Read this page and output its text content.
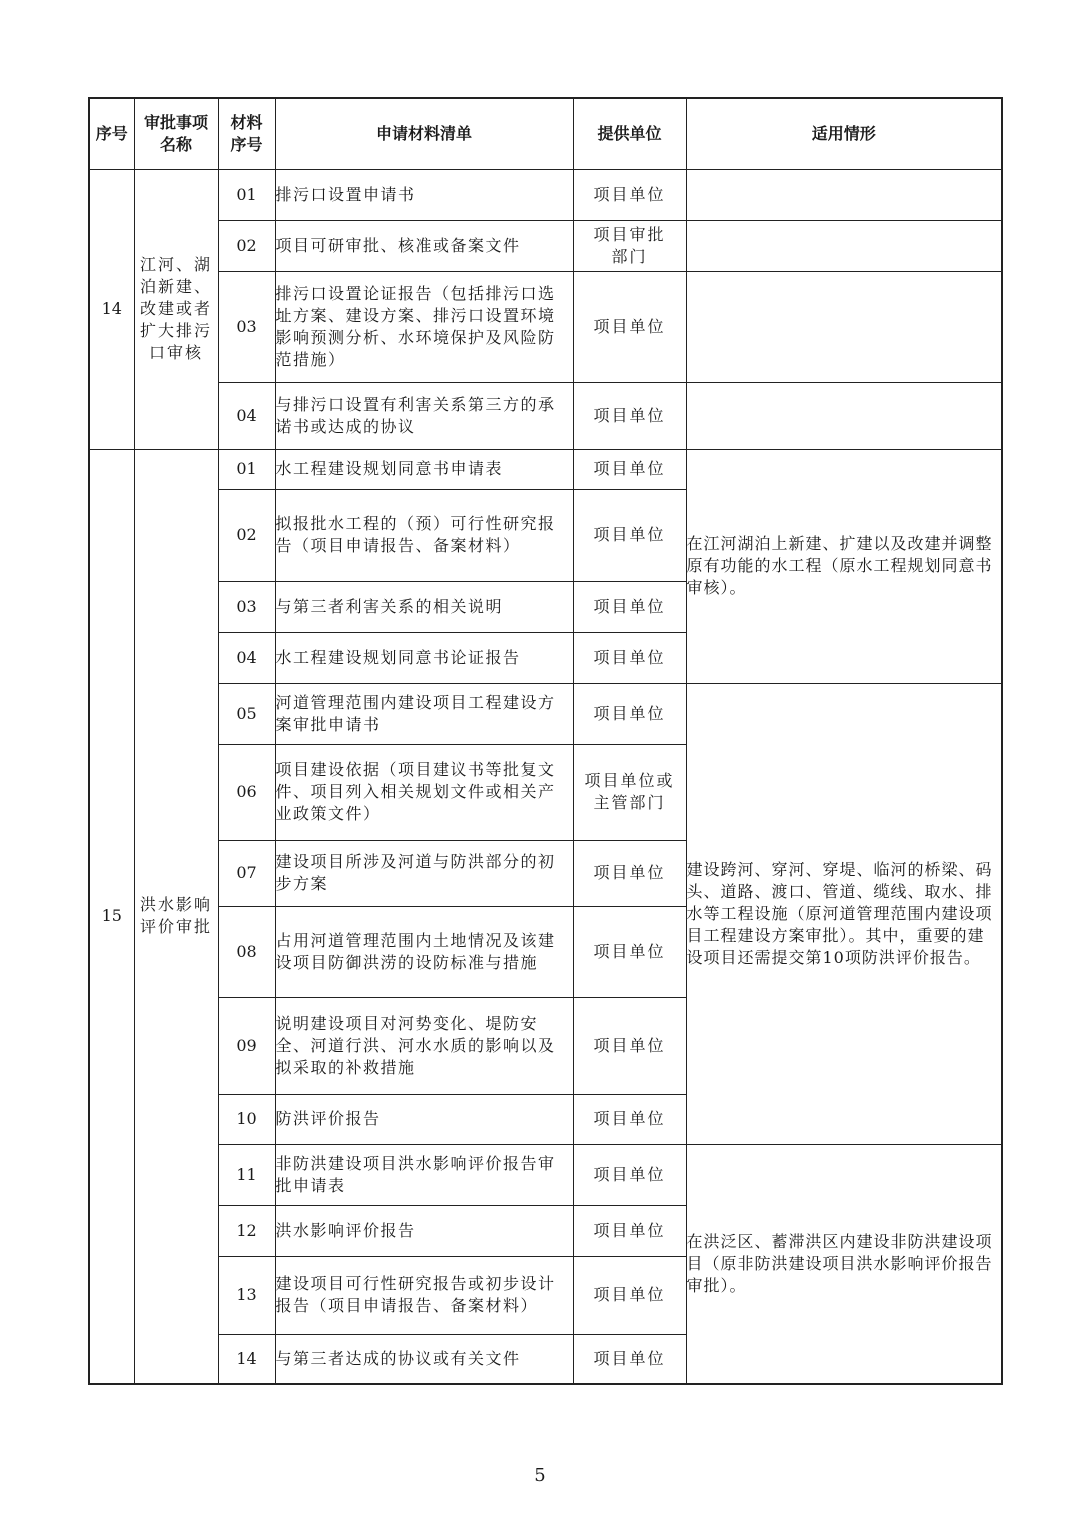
序号	审批事项名称	材料序号	申请材料清单	提供单位	适用情形
14	江河、湖泊新建、改建或者扩大排污口审核	01	排污口设置申请书	项目单位	
		02	项目可研审批、核准或备案文件	项目审批部门	
		03	排污口设置论证报告（包括排污口选址方案、建设方案、排污口设置环境影响预测分析、水环境保护及风险防范措施）	项目单位	
		04	与排污口设置有利害关系第三方的承诺书或达成的协议	项目单位	
15	洪水影响评价审批	01	水工程建设规划同意书申请表	项目单位	在江河湖泊上新建、扩建以及改建并调整原有功能的水工程（原水工程规划同意书审核）。
		02	拟报批水工程的（预）可行性研究报告（项目申请报告、备案材料）	项目单位	
		03	与第三者利害关系的相关说明	项目单位	
		04	水工程建设规划同意书论证报告	项目单位	
		05	河道管理范围内建设项目工程建设方案审批申请书	项目单位	建设跨河、穿河、穿堤、临河的桥梁、码头、道路、渡口、管道、缆线、取水、排水等工程设施（原河道管理范围内建设项目工程建设方案审批）。其中，重要的建设项目还需提交第10项防洪评价报告。
		06	项目建设依据（项目建议书等批复文件、项目列入相关规划文件或相关产业政策文件）	项目单位或主管部门	
		07	建设项目所涉及河道与防洪部分的初步方案	项目单位	
		08	占用河道管理范围内土地情况及该建设项目防御洪涝的设防标准与措施	项目单位	
		09	说明建设项目对河势变化、堤防安全、河道行洪、河水水质的影响以及拟采取的补救措施	项目单位	
		10	防洪评价报告	项目单位	
		11	非防洪建设项目洪水影响评价报告审批申请表	项目单位	在洪泛区、蓄滞洪区内建设非防洪建设项目（原非防洪建设项目洪水影响评价报告审批）。
		12	洪水影响评价报告	项目单位	
		13	建设项目可行性研究报告或初步设计报告（项目申请报告、备案材料）	项目单位	
		14	与第三者达成的协议或有关文件	项目单位	
5
